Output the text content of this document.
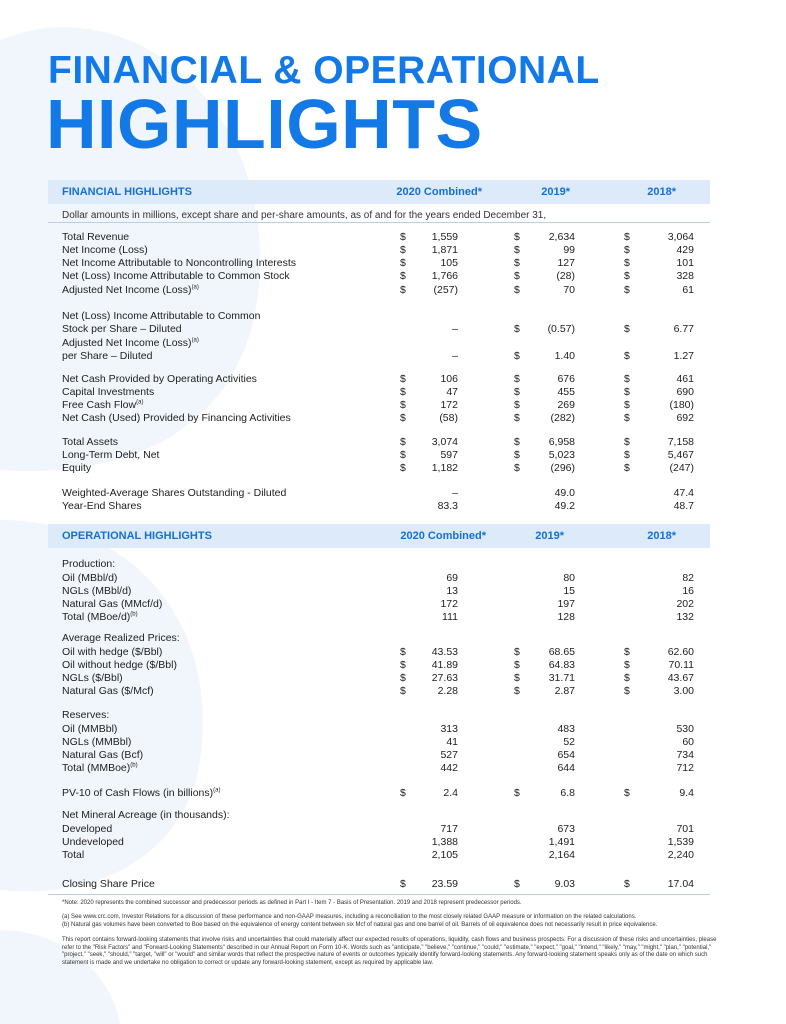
FINANCIAL & OPERATIONAL
HIGHLIGHTS
FINANCIAL HIGHLIGHTS	2020 Combined*	2019*	2018*
Dollar amounts in millions, except share and per-share amounts, as of and for the years ended December 31,
Total Revenue	$ 1,559	$	2,634	$	3,064
Net Income (Loss)	$ 1,871	$	99	$	429
Net Income Attributable to Noncontrolling Interests	$	105	$	127	$	101
Net (Loss) Income Attributable to Common Stock	$ 1,766	$	(28)	$	328
Adjusted Net Income (Loss)$^{(a)}$	$	(257)	$	70	$	61
Net (Loss) Income Attributable to Common
Stock per Share – Diluted	–	$	(0.57)	$	6.77
Adjusted Net Income (Loss)$^{(a)}$
per Share – Diluted	–	$	1.40	$	1.27
Net Cash Provided by Operating Activities	$	106	$	676	$	461
Capital Investments	$	47	$	455	$	690
Free Cash Flow$^{(a)}$	$	172	$	269	$	(180)
Net Cash (Used) Provided by Financing Activities	$	(58)	$	(282)	$	692
Total Assets	$ 3,074	$	6,958	$	7,158
Long-Term Debt, Net	$	597	$	5,023	$	5,467
Equity	$ 1,182	$	(296)	$	(247)
Weighted-Average Shares Outstanding - Diluted	–	49.0	47.4
Year-End Shares	83.3	49.2	48.7
OPERATIONAL HIGHLIGHTS	2020 Combined*	2019*	2018*
Production:
Average Realized Prices:
Reserves:
Net Mineral Acreage (in thousands):
Oil (MBbl/d)	69	80	82
NGLs (MBbl/d)	13	15	16
Natural Gas (MMcf/d)	172	197	202
Total (MBoe/d)$^{(b)}$	111	128	132
Oil with hedge ($/Bbl)	$ 43.53	$	68.65	$	62.60
Oil without hedge ($/Bbl)	$ 41.89	$	64.83	$	70.11
NGLs ($/Bbl)	$ 27.63	$	31.71	$	43.67
Natural Gas ($/Mcf)	$	2.28	$	2.87	$	3.00
Oil (MMBbl)	313	483	530
NGLs (MMBbl)	41	52	60
Natural Gas (Bcf)	527	654	734
Total (MMBoe)$^{(b)}$	442	644	712
PV-10 of Cash Flows (in billions)$^{(a)}$	$	2.4	$	6.8	$	9.4
Developed	717	673	701
Undeveloped	1,388	1,491	1,539
Total	2,105	2,164	2,240
Closing Share Price	$ 23.59	$	9.03	$	17.04
*Note: 2020 represents the combined successor and predecessor periods as defined in Part I - Item 7 - Basis of Presentation. 2019 and 2018 represent predecessor periods.
(a) See www.crc.com, Investor Relations for a discussion of these performance and non-GAAP measures, including a reconciliation to the most closely related GAAP measure or information on the related calculations.
(b) Natural gas volumes have been converted to Boe based on the equivalence of energy content between six Mcf of natural gas and one barrel of oil. Barrels of oil equivalence does not necessarily result in price equivalence.
This report contains forward-looking statements that involve risks and uncertainties that could materially affect our expected results of operations, liquidity, cash flows and business prospects. For a discussion of these risks and uncertainties, please refer to the "Risk Factors" and "Forward-Looking Statements" described in our Annual Report on Form 10-K. Words such as "anticipate," "believe," "continue," "could," "estimate," "expect," "goal," "intend," "likely," "may," "might," "plan," "potential," "project," "seek," "should," "target, "will" or "would" and similar words that reflect the prospective nature of events or outcomes typically identify forward-looking statements. Any forward-looking statement speaks only as of the date on which such statement is made and we undertake no obligation to correct or update any forward-looking statement, except as required by applicable law.
